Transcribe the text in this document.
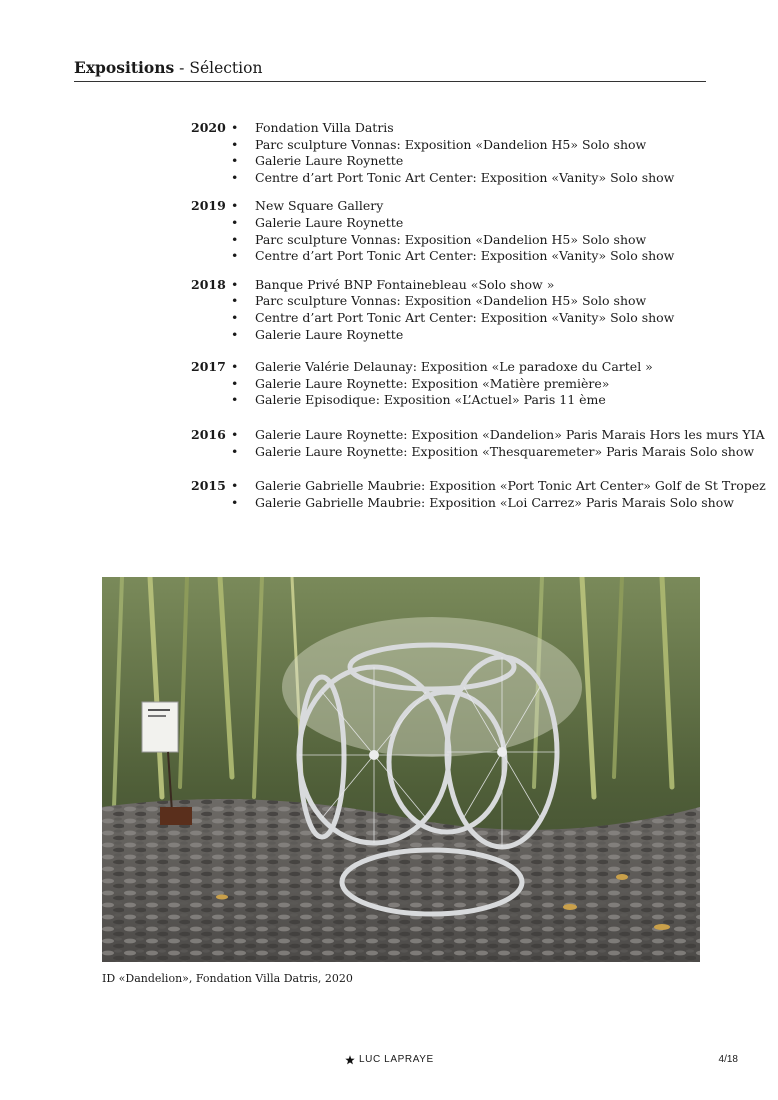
Expositions - Sélection
2020	• Fondation Villa Datris
• Parc sculpture Vonnas: Exposition «Dandelion H5» Solo show
• Galerie Laure Roynette
• Centre d’art Port Tonic Art Center: Exposition «Vanity» Solo show
2019	• New Square Gallery
• Galerie Laure Roynette
• Parc sculpture Vonnas: Exposition «Dandelion H5» Solo show
• Centre d’art Port Tonic Art Center: Exposition «Vanity» Solo show
2018	• Banque Privé BNP Fontainebleau «Solo show »
• Parc sculpture Vonnas: Exposition «Dandelion H5» Solo show
• Centre d’art Port Tonic Art Center: Exposition «Vanity» Solo show
• Galerie Laure Roynette
2017	• Galerie Valérie Delaunay: Exposition «Le paradoxe du Cartel »
• Galerie Laure Roynette: Exposition «Matière première»
• Galerie Episodique: Exposition «L’Actuel» Paris 11 ème
2016	• Galerie Laure Roynette: Exposition «Dandelion» Paris Marais Hors les murs YIA
• Galerie Laure Roynette: Exposition «Thesquaremeter» Paris Marais Solo show
2015	• Galerie Gabrielle Maubrie: Exposition «Port Tonic Art Center» Golf de St Tropez
• Galerie Gabrielle Maubrie: Exposition «Loi Carrez» Paris Marais Solo show
ID «Dandelion», Fondation Villa Datris, 2020
LUC LAPRAYE	4/18
